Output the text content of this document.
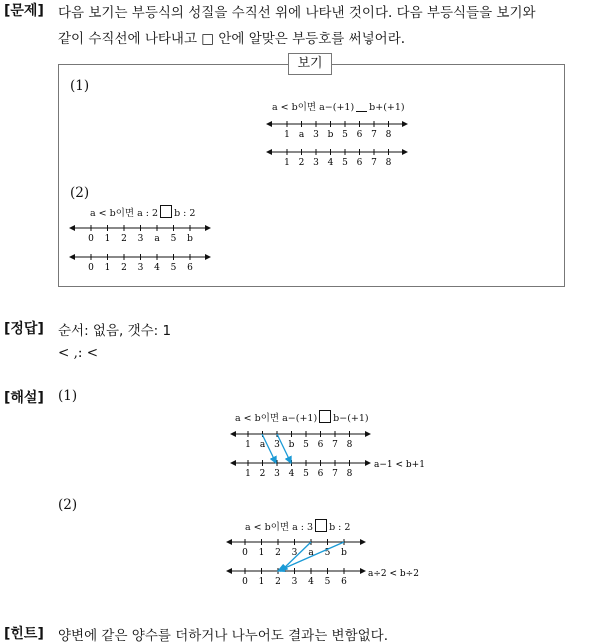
[문제] 다음 보기는 부등식의 성질을 수직선 위에 나타낸 것이다. 다음 부등식들을 보기와
같이 수직선에 나타내고 □ 안에 알맞은 부등호를 써넣어라.
보기
(1)
(2)
a < b이면 a−(+1) b+(+1)
a < b이면 a : 2 b : 2
[정답] 순서: 없음, 갯수: 1
< ,: <
[해설] (1)
(2)
a < b이면 a−(+1) b−(+1)
a < b이면 a : 3 b : 2
[힌트] 양변에 같은 양수를 더하거나 나누어도 결과는 변함없다.
1 a 3 b 5 6 7 8
1 2 3 4 5 6 7 8
0 1 2 3 a 5 b
0 1 2 3 4 5 6
1 a 3 b 5 6 7 8
1 2 3 4 5 6 7 8
0 1 2 3 a 5 b
0 1 2 3 4 5 6
a−1 < b+1
a÷2 < b÷2
